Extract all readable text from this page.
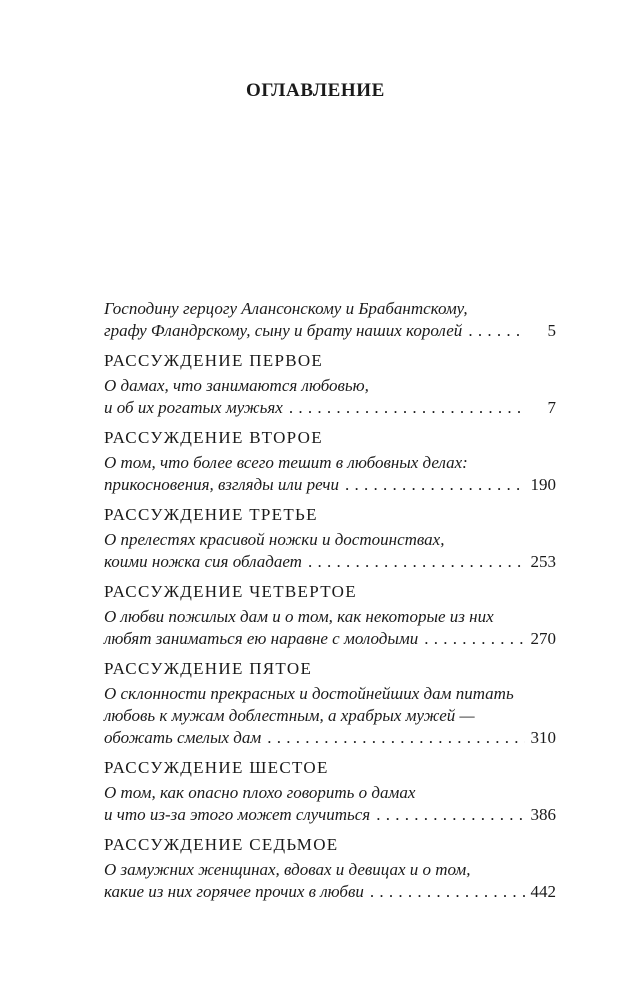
ОГЛАВЛЕНИЕ
Господину герцогу Алансонскому и Брабантскому,
графу Фландрскому, сыну и брату наших королей . . .	5
РАССУЖДЕНИЕ ПЕРВОЕ
О дамах, что занимаются любовью,
и об их рогатых мужьях . . .	7
РАССУЖДЕНИЕ ВТОРОЕ
О том, что более всего тешит в любовных делах:
прикосновения, взгляды или речи . . .	190
РАССУЖДЕНИЕ ТРЕТЬЕ
О прелестях красивой ножки и достоинствах,
коими ножка сия обладает . . .	253
РАССУЖДЕНИЕ ЧЕТВЕРТОЕ
О любви пожилых дам и о том, как некоторые из них
любят заниматься ею наравне с молодыми . . .	270
РАССУЖДЕНИЕ ПЯТОЕ
О склонности прекрасных и достойнейших дам питать
любовь к мужам доблестным, а храбрых мужей —
обожать смелых дам . . .	310
РАССУЖДЕНИЕ ШЕСТОЕ
О том, как опасно плохо говорить о дамах
и что из-за этого может случиться . . .	386
РАССУЖДЕНИЕ СЕДЬМОЕ
О замужних женщинах, вдовах и девицах и о том,
какие из них горячее прочих в любви . . .	442
